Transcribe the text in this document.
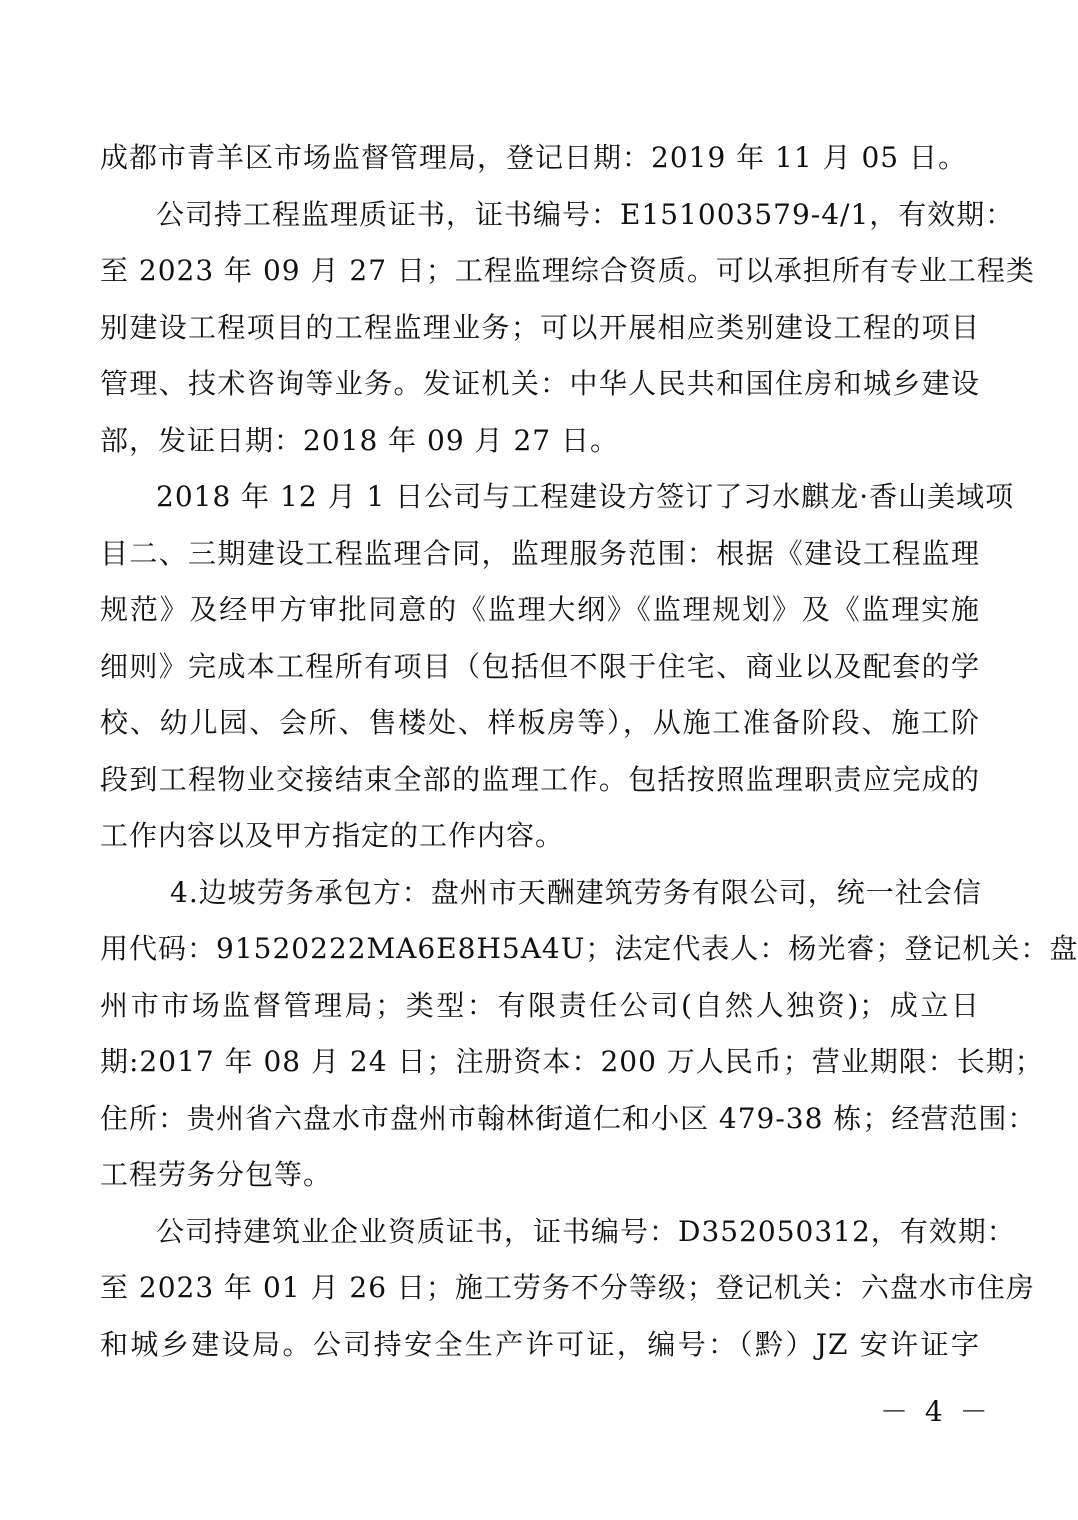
成都市青羊区市场监督管理局，登记日期：2019 年 11 月 05 日。
公司持工程监理质证书，证书编号：E151003579-4/1，有效期：
至 2023 年 09 月 27 日；工程监理综合资质。可以承担所有专业工程类
别建设工程项目的工程监理业务；可以开展相应类别建设工程的项目
管理、技术咨询等业务。发证机关：中华人民共和国住房和城乡建设
部，发证日期：2018 年 09 月 27 日。
2018 年 12 月 1 日公司与工程建设方签订了习水麒龙·香山美域项
目二、三期建设工程监理合同，监理服务范围：根据《建设工程监理
规范》及经甲方审批同意的《监理大纲》《监理规划》及《监理实施
细则》完成本工程所有项目（包括但不限于住宅、商业以及配套的学
校、幼儿园、会所、售楼处、样板房等），从施工准备阶段、施工阶
段到工程物业交接结束全部的监理工作。包括按照监理职责应完成的
工作内容以及甲方指定的工作内容。
4.边坡劳务承包方：盘州市天酬建筑劳务有限公司，统一社会信
用代码：91520222MA6E8H5A4U；法定代表人：杨光睿；登记机关：盘
州市市场监督管理局；类型：有限责任公司(自然人独资)；成立日
期:2017 年 08 月 24 日；注册资本：200 万人民币；营业期限：长期；
住所：贵州省六盘水市盘州市翰林街道仁和小区 479-38 栋；经营范围：
工程劳务分包等。
公司持建筑业企业资质证书，证书编号：D352050312，有效期：
至 2023 年 01 月 26 日；施工劳务不分等级；登记机关：六盘水市住房
和城乡建设局。公司持安全生产许可证，编号：（黔）JZ 安许证字
－ 4 －
